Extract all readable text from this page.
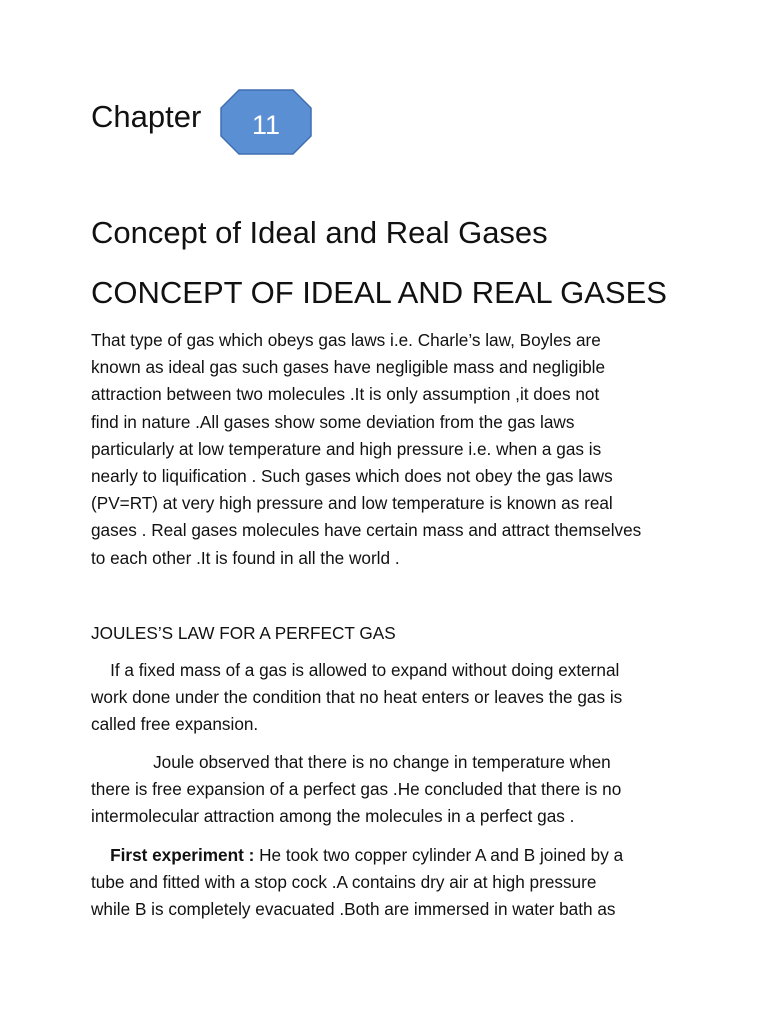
Chapter	11
Concept of Ideal and Real Gases
CONCEPT OF IDEAL AND REAL GASES
That type of gas which obeys gas laws i.e. Charle’s law, Boyles are
known as ideal gas such gases have negligible mass and negligible
attraction between two molecules .It is only assumption ,it does not
find in nature .All gases show some deviation from the gas laws
particularly at low temperature and high pressure i.e. when a gas is
nearly to liquification . Such gases which does not obey the gas laws
(PV=RT) at very high pressure and low temperature is known as real
gases . Real gases molecules have certain mass and attract themselves
to each other .It is found in all the world .
JOULES’S LAW FOR A PERFECT GAS
If a fixed mass of a gas is allowed to expand without doing external
work done under the condition that no heat enters or leaves the gas is
called free expansion.
Joule observed that there is no change in temperature when
there is free expansion of a perfect gas .He concluded that there is no
intermolecular attraction among the molecules in a perfect gas .
First experiment : He took two copper cylinder A and B joined by a
tube and fitted with a stop cock .A contains dry air at high pressure
while B is completely evacuated .Both are immersed in water bath as
